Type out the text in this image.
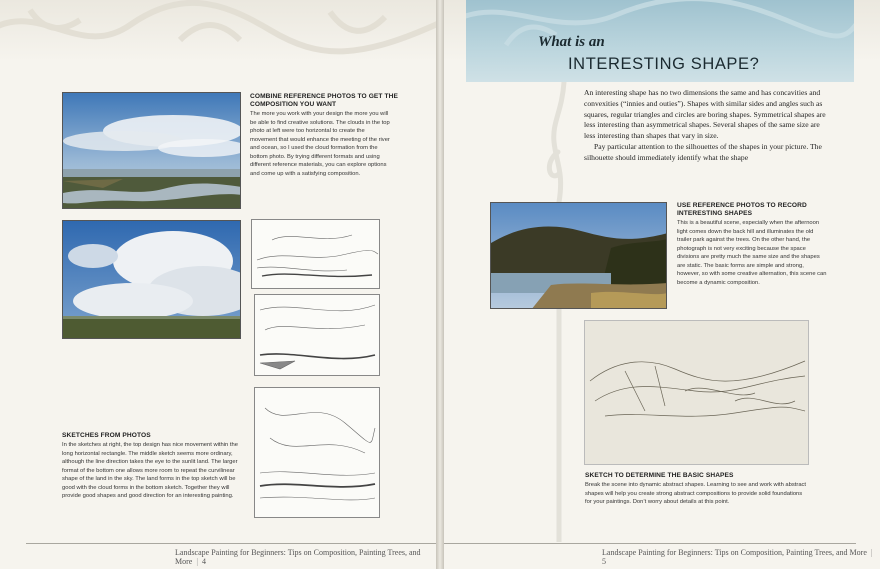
COMBINE REFERENCE PHOTOS TO GET THE COMPOSITION YOU WANT
The more you work with your design the more you will be able to find creative solutions. The clouds in the top photo at left were too horizontal to create the movement that would enhance the meeting of the river and ocean, so I used the cloud formation from the bottom photo. By trying different formats and using different reference materials, you can explore options and come up with a satisfying composition.
SKETCHES FROM PHOTOS
In the sketches at right, the top design has nice movement within the long horizontal rectangle. The middle sketch seems more ordinary, although the line direction takes the eye to the sunlit land. The larger format of the bottom one allows more room to repeat the curvilinear shape of the land in the sky. The land forms in the top sketch will be good with the cloud forms in the bottom sketch. Together they will provide good shapes and good direction for an interesting painting.
Landscape Painting for Beginners: Tips on Composition, Painting Trees, and More | 4
What is an
INTERESTING SHAPE?

An interesting shape has no two dimensions the same and has concavities and convexities (“innies and outies”). Shapes with similar sides and angles such as squares, regular triangles and circles are boring shapes. Symmetrical shapes are less interesting than asymmetrical shapes. Several shapes of the same size are less interesting than shapes that vary in size.

Pay particular attention to the silhouettes of the shapes in your picture. The silhouette should immediately identify what the shape

USE REFERENCE PHOTOS TO RECORD INTERESTING SHAPES
This is a beautiful scene, especially when the afternoon light comes down the back hill and illuminates the old trailer park against the trees. On the other hand, the photograph is not very exciting because the space divisions are pretty much the same size and the shapes are static. The basic forms are simple and strong, however, so with some creative alternation, this scene can become a dynamic composition.
SKETCH TO DETERMINE THE BASIC SHAPES
Break the scene into dynamic abstract shapes. Learning to see and work with abstract shapes will help you create strong abstract compositions to provide solid foundations for your paintings. Don’t worry about details at this point.
Landscape Painting for Beginners: Tips on Composition, Painting Trees, and More | 5
